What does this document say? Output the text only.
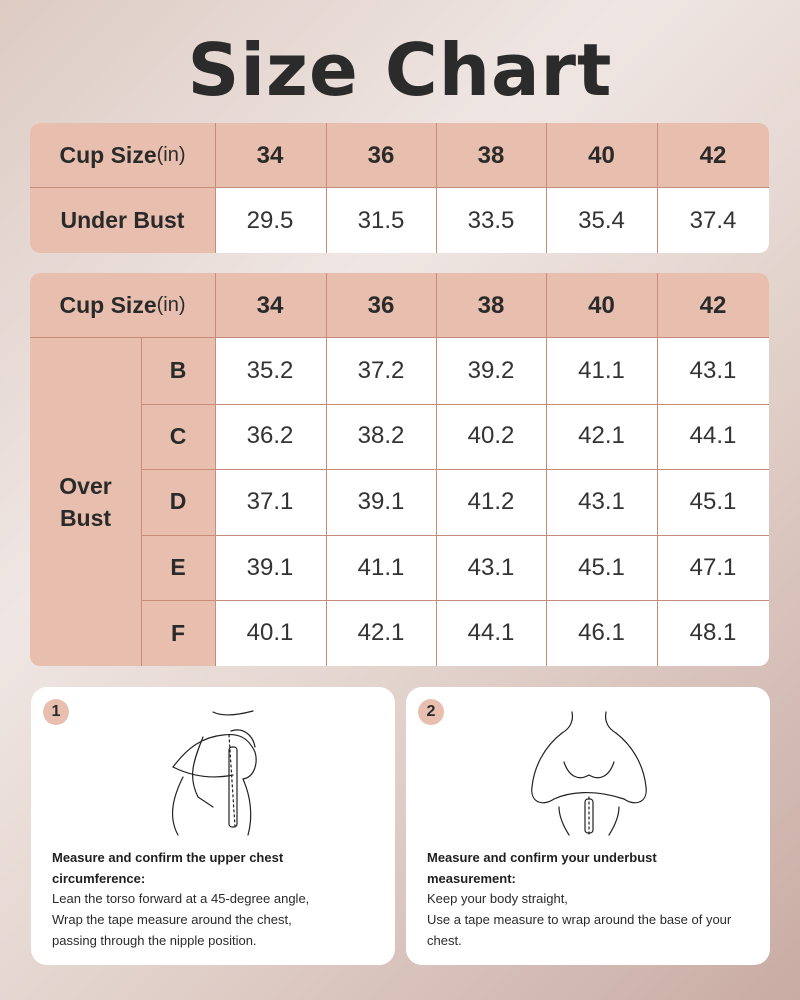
Size Chart
Cup Size (in)	34	36	38	40	42
Under Bust	29.5	31.5	33.5	35.4	37.4
Cup Size (in)	34	36	38	40	42
Over
Bust
B	35.2	37.2	39.2	41.1	43.1
C	36.2	38.2	40.2	42.1	44.1
D	37.1	39.1	41.2	43.1	45.1
E	39.1	41.1	43.1	45.1	47.1
F	40.1	42.1	44.1	46.1	48.1
1
Measure and confirm the upper chest
circumference:
Lean the torso forward at a 45-degree angle,
Wrap the tape measure around the chest,
passing through the nipple position.
2
Measure and confirm your underbust
measurement:
Keep your body straight,
Use a tape measure to wrap around the base of your
chest.
